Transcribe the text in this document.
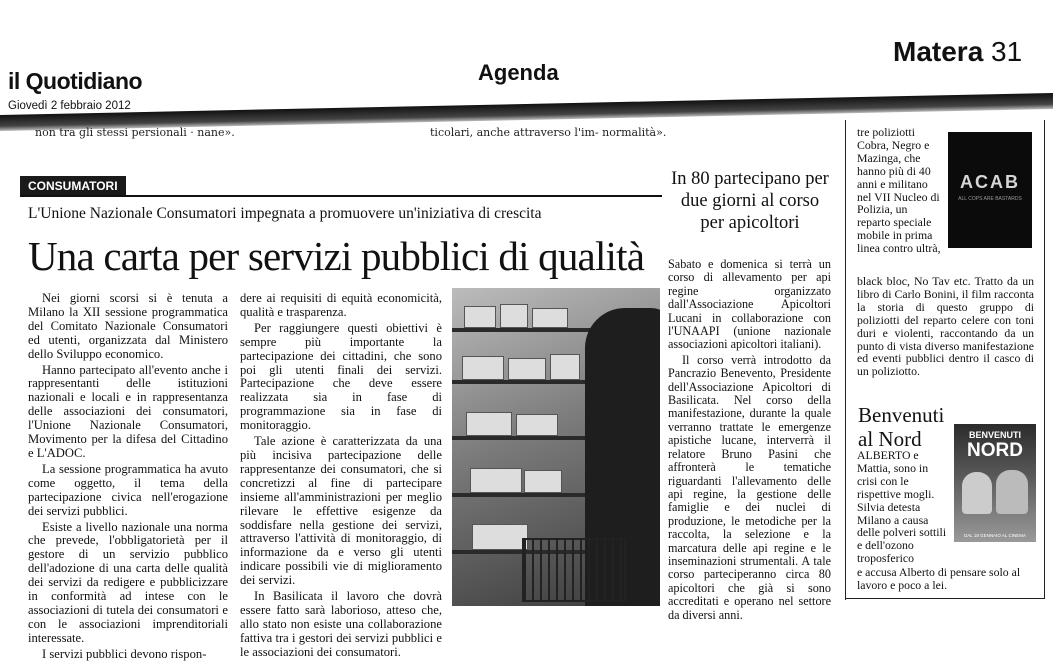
il Quotidiano
Giovedì 2 febbraio 2012
Agenda
Matera 31
non tra gli stessi persionali · nane».	ticolari, anche attraverso l'im- normalità».
CONSUMATORI
L'Unione Nazionale Consumatori impegnata a promuovere un'iniziativa di crescita
Una carta per servizi pubblici di qualità

Nei giorni scorsi si è tenuta a Milano la XII sessione programmatica del Comitato Nazionale Consumatori ed utenti, organizzata dal Ministero dello Sviluppo economico.

Hanno partecipato all'evento anche i rappresentanti delle istituzioni nazionali e locali e in rappresentanza delle associazioni dei consumatori, l'Unione Nazionale Consumatori, Movimento per la difesa del Cittadino e L'ADOC.

La sessione programmatica ha avuto come oggetto, il tema della partecipazione civica nell'erogazione dei servizi pubblici.

Esiste a livello nazionale una norma che prevede, l'obbligatorietà per il gestore di un servizio pubblico dell'adozione di una carta delle qualità dei servizi da redigere e pubblicizzare in conformità ad intese con le associazioni di tutela dei consumatori e con le associazioni imprenditoriali interessate.

I servizi pubblici devono rispon-

dere ai requisiti di equità economicità, qualità e trasparenza.

Per raggiungere questi obiettivi è sempre più importante la partecipazione dei cittadini, che sono poi gli utenti finali dei servizi. Partecipazione che deve essere realizzata sia in fase di programmazione sia in fase di monitoraggio.

Tale azione è caratterizzata da una più incisiva partecipazione delle rappresentanze dei consumatori, che si concretizzi al fine di partecipare insieme all'amministrazioni per meglio rilevare le effettive esigenze da soddisfare nella gestione dei servizi, attraverso l'attività di monitoraggio, di informazione da e verso gli utenti indicare possibili vie di miglioramento dei servizi.

In Basilicata il lavoro che dovrà essere fatto sarà laborioso, atteso che, allo stato non esiste una collaborazione fattiva tra i gestori dei servizi pubblici e le associazioni dei consumatori.

In 80 partecipano per due giorni al corso per apicoltori

Sabato e domenica si terrà un corso di allevamento per api regine organizzato dall'Associazione Apicoltori Lucani in collaborazione con l'UNAAPI (unione nazionale associazioni apicoltori italiani).

Il corso verrà introdotto da Pancrazio Benevento, Presidente dell'Associazione Apicoltori di Basilicata. Nel corso della manifestazione, durante la quale verranno trattate le emergenze apistiche lucane, interverrà il relatore Bruno Pasini che affronterà le tematiche riguardanti l'allevamento delle api regine, la gestione delle famiglie e dei nuclei di produzione, le metodiche per la raccolta, la selezione e la marcatura delle api regine e le inseminazioni strumentali. A tale corso parteciperanno circa 80 apicoltori che già si sono accreditati e operano nel settore da diversi anni.

tre poliziotti Cobra, Negro e Mazinga, che hanno più di 40 anni e militano nel VII Nucleo di Polizia, un reparto speciale mobile in prima linea contro ultrà,
ACAB
ALL COPS ARE BASTARDS
black bloc, No Tav etc. Tratto da un libro di Carlo Bonini, il film racconta la storia di questo gruppo di poliziotti del reparto celere con toni duri e violenti, raccontando da un punto di vista diverso manifestazione ed eventi pubblici dentro il casco di un poliziotto.
Benvenuti al Nord
ALBERTO e Mattia, sono in crisi con le rispettive mogli. Silvia detesta Milano a causa delle polveri sottili e dell'ozono troposferico
BENVENUTI
NORD
DAL 18 GENNAIO AL CINEMA
e accusa Alberto di pensare solo al lavoro e poco a lei.
